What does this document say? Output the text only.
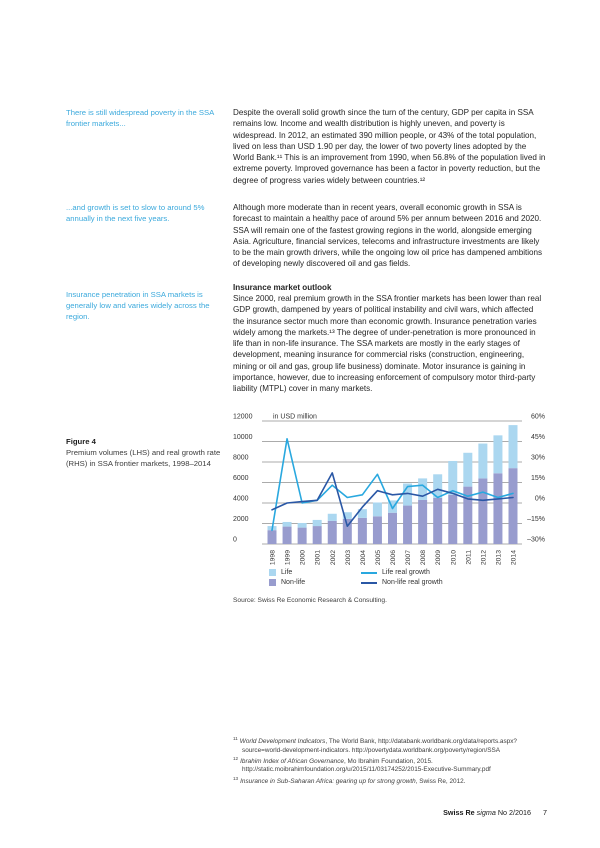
There is still widespread poverty in the SSA frontier markets...
...and growth is set to slow to around 5% annually in the next five years.
Insurance penetration in SSA markets is generally low and varies widely across the region.
Figure 4
Premium volumes (LHS) and real growth rate (RHS) in SSA frontier markets, 1998–2014
Despite the overall solid growth since the turn of the century, GDP per capita in SSA remains low. Income and wealth distribution is highly uneven, and poverty is widespread. In 2012, an estimated 390 million people, or 43% of the total population, lived on less than USD 1.90 per day, the lower of two poverty lines adopted by the World Bank.¹¹ This is an improvement from 1990, when 56.8% of the population lived in extreme poverty. Improved governance has been a factor in poverty reduction, but the degree of progress varies widely between countries.¹²
Although more moderate than in recent years, overall economic growth in SSA is forecast to maintain a healthy pace of around 5% per annum between 2016 and 2020. SSA will remain one of the fastest growing regions in the world, alongside emerging Asia. Agriculture, financial services, telecoms and infrastructure investments are likely to be the main growth drivers, while the ongoing low oil price has dampened ambitions of developing newly discovered oil and gas fields.
Insurance market outlook
Since 2000, real premium growth in the SSA frontier markets has been lower than real GDP growth, dampened by years of political instability and civil wars, which affected the insurance sector much more than economic growth. Insurance penetration varies widely among the markets.¹³ The degree of under-penetration is more pronounced in life than in non-life insurance. The SSA markets are mostly in the early stages of development, meaning insurance for commercial risks (construction, engineering, mining or oil and gas, group life business) dominate. Motor insurance is gaining in importance, however, due to increasing enforcement of compulsory motor third-party liability (MTPL) cover in many markets.
0	–30%
2000	–15%
4000	0%
6000	15%
8000	30%
10000	45%
12000	60%
in USD million
1998 1999 2000 2001 2002 2003 2004 2005 2006 2007 2008 2009 2010 2011 2012 2013 2014
Life	Life real growth
Non-life	Non-life real growth
Source: Swiss Re Economic Research & Consulting.

$^{11}$ World Development Indicators, The World Bank, http://databank.worldbank.org/data/reports.aspx?source=world-development-indicators. http://povertydata.worldbank.org/poverty/region/SSA

$^{12}$ Ibrahim Index of African Governance, Mo Ibrahim Foundation, 2015. http://static.moibrahimfoundation.org/u/2015/11/03174252/2015-Executive-Summary.pdf

$^{13}$ Insurance in Sub-Saharan Africa: gearing up for strong growth, Swiss Re, 2012.

Swiss Re sigma No 2/2016 7
